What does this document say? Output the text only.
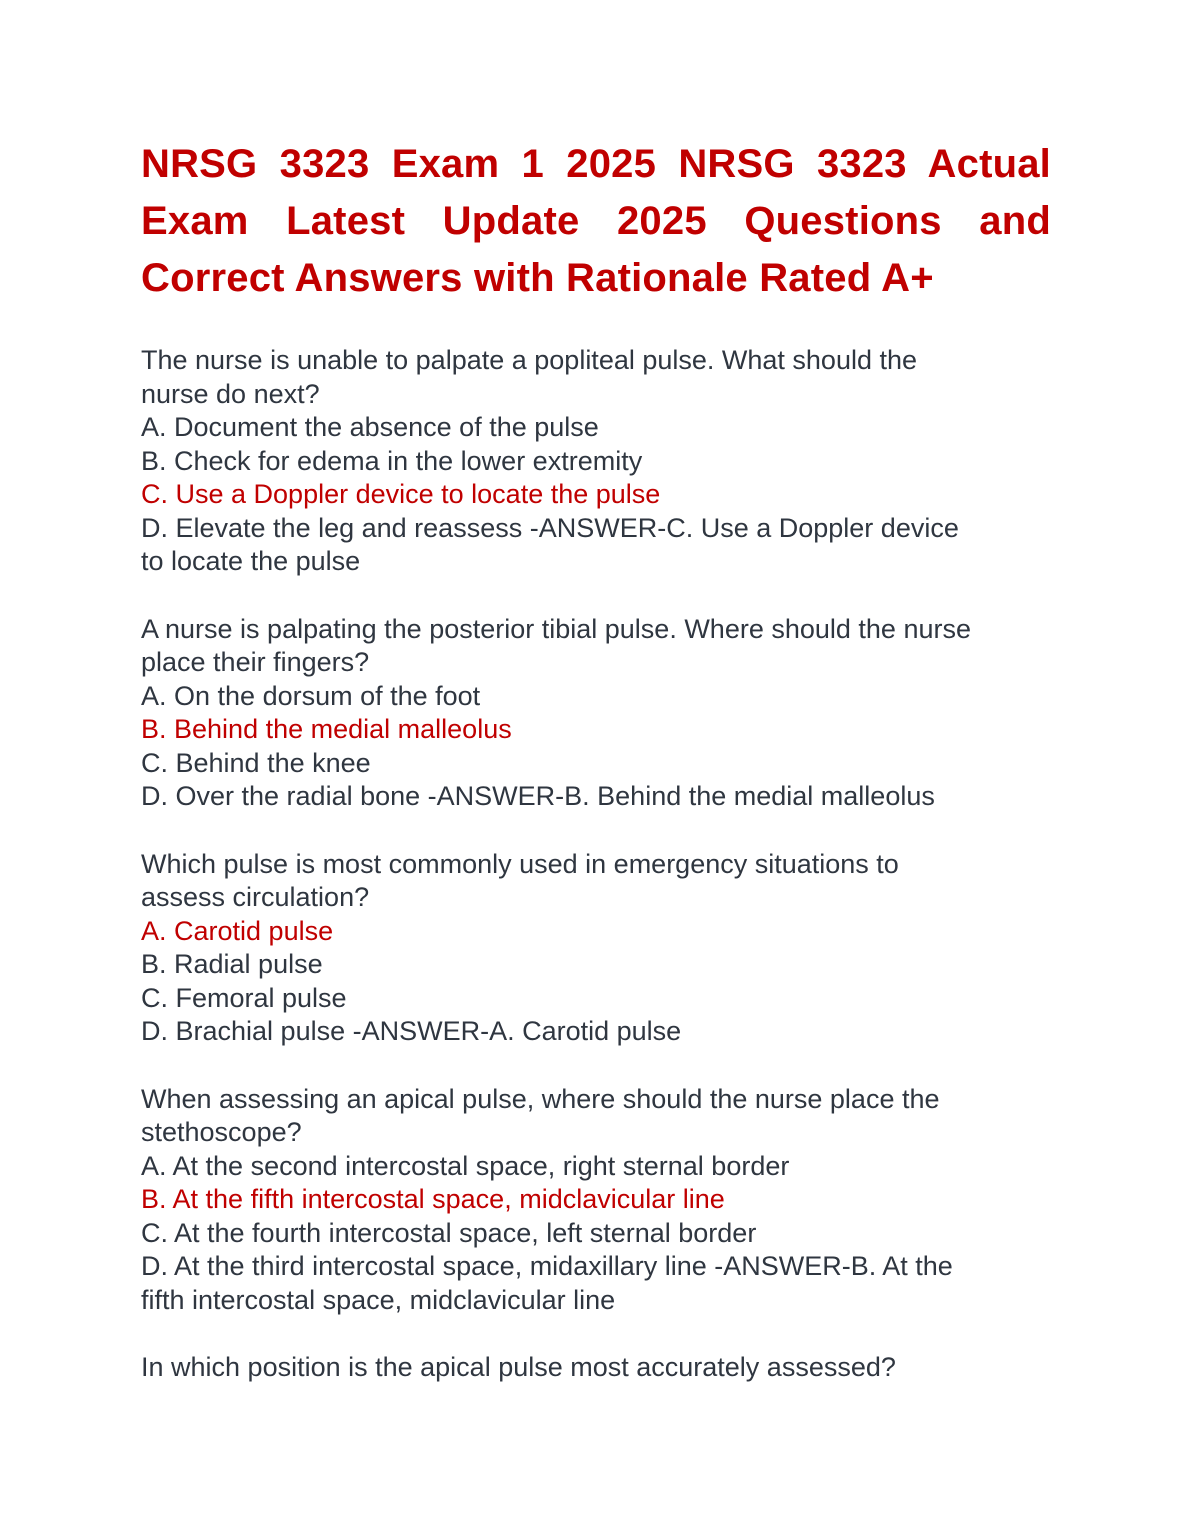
NRSG 3323 Exam 1 2025 NRSG 3323 Actual Exam Latest Update 2025 Questions and Correct Answers with Rationale Rated A+
The nurse is unable to palpate a popliteal pulse. What should the
nurse do next?
A. Document the absence of the pulse
B. Check for edema in the lower extremity
C. Use a Doppler device to locate the pulse
D. Elevate the leg and reassess -ANSWER-C. Use a Doppler device
to locate the pulse
A nurse is palpating the posterior tibial pulse. Where should the nurse
place their fingers?
A. On the dorsum of the foot
B. Behind the medial malleolus
C. Behind the knee
D. Over the radial bone -ANSWER-B. Behind the medial malleolus
Which pulse is most commonly used in emergency situations to
assess circulation?
A. Carotid pulse
B. Radial pulse
C. Femoral pulse
D. Brachial pulse -ANSWER-A. Carotid pulse
When assessing an apical pulse, where should the nurse place the
stethoscope?
A. At the second intercostal space, right sternal border
B. At the fifth intercostal space, midclavicular line
C. At the fourth intercostal space, left sternal border
D. At the third intercostal space, midaxillary line -ANSWER-B. At the
fifth intercostal space, midclavicular line
In which position is the apical pulse most accurately assessed?
